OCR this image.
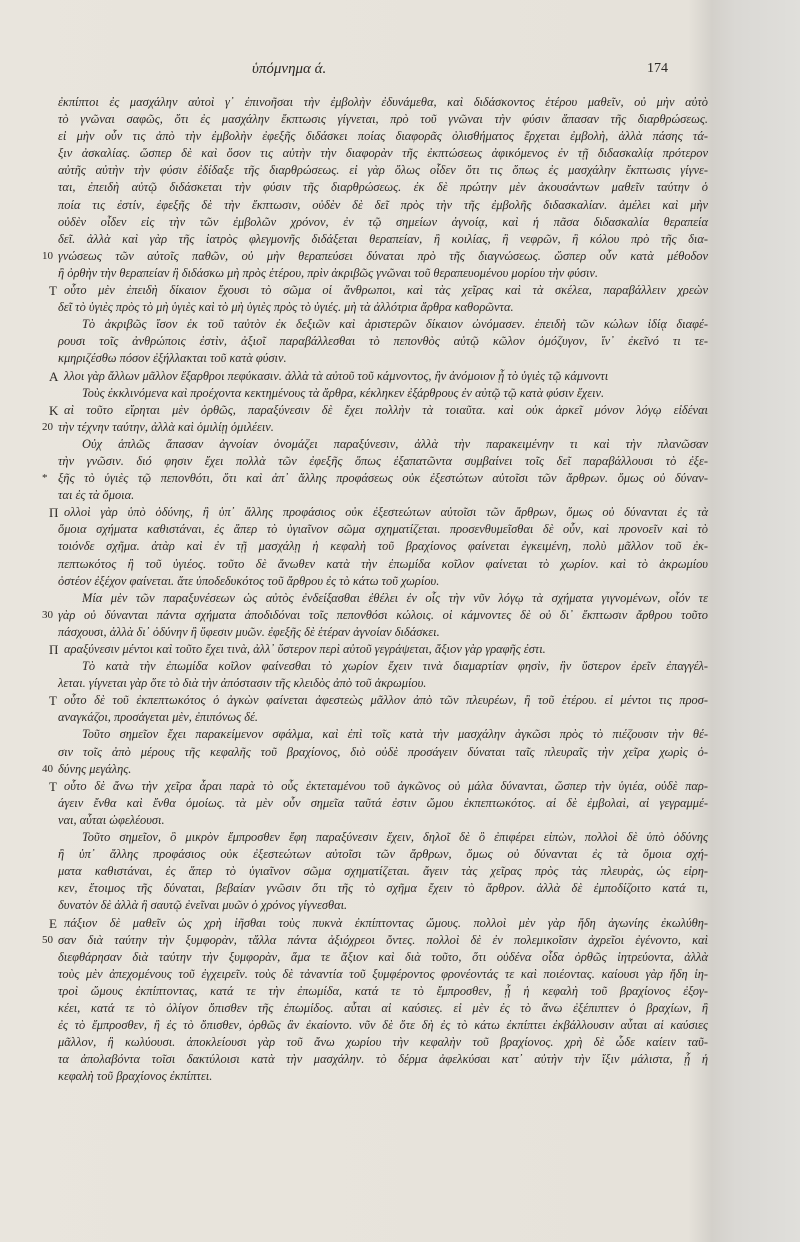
ὑπόμνημα ά.	174
ἐκπίπτοι ἐς μασχάλην αὐτοὶ γ᾿ ἐπινοῆσαι τὴν ἐμβολὴν ἐδυνάμεθα, καὶ διδάσκοντος ἑτέρου μαθεῖν, οὐ μὴν αὐτὸ
τὸ γνῶναι σαφῶς, ὅτι ἐς μασχάλην ἔκπτωσις γίγνεται, πρὸ τοῦ γνῶναι τὴν φύσιν ἅπασαν τῆς διαρθρώσεως.
εἰ μὴν οὖν τις ἀπὸ τὴν ἐμβολὴν ἐφεξῆς διδάσκει ποίας διαφορᾶς ὀλισθήματος ἔρχεται ἐμβολὴ, ἀλλὰ πάσης τά-
ξιν ἀσκαλίας. ὥσπερ δὲ καὶ ὅσον τις αὐτὴν τὴν διαφορὰν τῆς ἐκπτώσεως ἀφικόμενος ἐν τῇ διδασκαλίᾳ πρότερον
αὐτῆς αὐτὴν τὴν φύσιν ἐδίδαξε τῆς διαρθρώσεως. εἰ γὰρ ὅλως οἶδεν ὅτι τις ὅπως ἐς μασχάλην ἔκπτωσις γίγνε-
ται, ἐπειδὴ αὐτῷ διδάσκεται τὴν φύσιν τῆς διαρθρώσεως. ἐκ δὲ πρώτην μὲν ἀκουσάντων μαθεῖν ταύτην ὁ
ποία τις ἐστίν, ἐφεξῆς δὲ τὴν ἔκπτωσιν, οὐδὲν δὲ δεῖ πρὸς τὴν τῆς ἐμβολῆς διδασκαλίαν. ἀμέλει καὶ μὴν
οὐδὲν οἶδεν εἰς τὴν τῶν ἐμβολῶν χρόνον, ἐν τῷ σημείων ἀγνοίᾳ, καὶ ἡ πᾶσα διδασκαλία θεραπεία
δεῖ. ἀλλὰ καὶ γὰρ τῆς ἰατρὸς φλεγμονῆς διδάξεται θεραπείαν, ἢ κοιλίας, ἢ νεφρῶν, ἢ κόλου πρὸ τῆς δια-
10 γνώσεως τῶν αὐτοῖς παθῶν, οὐ μὴν θεραπεύσει δύναται πρὸ τῆς διαγνώσεως. ὥσπερ οὖν κατὰ μέθοδον
ἢ ὀρθὴν τὴν θεραπείαν ἢ διδάσκω μὴ πρὸς ἑτέρου, πρὶν ἀκριβῶς γνῶναι τοῦ θεραπευομένου μορίου τὴν φύσιν.
Τ οὗτο μὲν ἐπειδὴ δίκαιον ἔχουσι τὸ σῶμα οἱ ἄνθρωποι, καὶ τὰς χεῖρας καὶ τὰ σκέλεα, παραβάλλειν χρεὼν
δεῖ τὸ ὑγιὲς πρὸς τὸ μὴ ὑγιὲς καὶ τὸ μὴ ὑγιὲς πρὸς τὸ ὑγιές. μὴ τὰ ἀλλότρια ἄρθρα καθορῶντα.
Τὸ ἀκριβῶς ἴσον ἐκ τοῦ ταὐτὸν ἐκ δεξιῶν καὶ ἀριστερῶν δίκαιον ὠνόμασεν. ἐπειδὴ τῶν κώλων ἰδίᾳ διαφέ-
ρουσι τοῖς ἀνθρώποις ἐστὶν, ἀξιοῖ παραβάλλεσθαι τὸ πεπονθὸς αὐτῷ κῶλον ὁμόζυγον, ἵν᾿ ἐκεῖνό τι τε-
κμηριζέσθω πόσον ἐξήλλακται τοῦ κατὰ φύσιν.
Α λλοι γὰρ ἄλλων μᾶλλον ἔξαρθροι πεφύκασιν. ἀλλὰ τὰ αὐτοῦ τοῦ κάμνοντος, ἢν ἀνόμοιον ᾖ τὸ ὑγιὲς τῷ κάμνοντι
Τοὺς ἐκκλινόμενα καὶ προέχοντα κεκτημένους τὰ ἄρθρα, κέκληκεν ἐξάρθρους ἐν αὐτῷ τῷ κατὰ φύσιν ἔχειν.
Κ αὶ τοῦτο εἴρηται μὲν ὀρθῶς, παραξύνεσιν δὲ ἔχει πολλὴν τὰ τοιαῦτα. καὶ οὐκ ἀρκεῖ μόνον λόγῳ εἰδέναι
20 τὴν τέχνην ταύτην, ἀλλὰ καὶ ὁμιλίῃ ὁμιλέειν.
Οὐχ ἁπλῶς ἅπασαν ἀγνοίαν ὀνομάζει παραξύνεσιν, ἀλλὰ τὴν παρακειμένην τι καὶ τὴν πλανῶσαν
τὴν γνῶσιν. διό φησιν ἔχει πολλὰ τῶν ἐφεξῆς ὅπως ἐξαπατῶντα συμβαίνει τοῖς δεῖ παραβάλλουσι τὸ ἐξε-
* ξῆς τὸ ὑγιὲς τῷ πεπονθότι, ὅτι καὶ ἀπ᾿ ἄλλης προφάσεως οὐκ ἐξεστώτων αὐτοῖσι τῶν ἄρθρων. ὅμως οὐ δύναν-
ται ἐς τὰ ὅμοια.
Π ολλοὶ γὰρ ὑπὸ ὀδύνης, ἢ ὑπ᾿ ἄλλης προφάσιος οὐκ ἐξεστεώτων αὐτοῖσι τῶν ἄρθρων, ὅμως οὐ δύνανται ἐς τὰ
ὅμοια σχήματα καθιστάναι, ἐς ἅπερ τὸ ὑγιαῖνον σῶμα σχηματίζεται. προσενθυμεῖσθαι δὲ οὖν, καὶ προνοεῖν καὶ τὸ
τοιόνδε σχῆμα. ἀτὰρ καὶ ἐν τῇ μασχάλῃ ἡ κεφαλὴ τοῦ βραχίονος φαίνεται ἐγκειμένη, πολὺ μᾶλλον τοῦ ἐκ-
πεπτωκότος ἢ τοῦ ὑγιέος. τοῦτο δὲ ἄνωθεν κατὰ τὴν ἐπωμίδα κοῖλον φαίνεται τὸ χωρίον. καὶ τὸ ἀκρωμίου
ὀστέον ἐξέχον φαίνεται. ἅτε ὑποδεδυκότος τοῦ ἄρθρου ἐς τὸ κάτω τοῦ χωρίου.
Μία μὲν τῶν παραξυνέσεων ὡς αὐτὸς ἐνδείξασθαι ἐθέλει ἐν οἷς τὴν νῦν λόγῳ τὰ σχήματα γιγνομένων, οἷόν τε
30 γὰρ οὐ δύνανται πάντα σχήματα ἀποδιδόναι τοῖς πεπονθόσι κώλοις. οἱ κάμνοντες δὲ οὐ δι᾿ ἔκπτωσιν ἄρθρου τοῦτο
πάσχουσι, ἀλλὰ δι᾿ ὀδύνην ἢ ὕφεσιν μυῶν. ἐφεξῆς δὲ ἑτέραν ἀγνοίαν διδάσκει.
Π αραξύνεσιν μέντοι καὶ τοῦτο ἔχει τινὰ, ἀλλ᾿ ὕστερον περὶ αὐτοῦ γεγράψεται, ἄξιον γὰρ γραφῆς ἐστι.
Τὸ κατὰ τὴν ἐπωμίδα κοῖλον φαίνεσθαι τὸ χωρίον ἔχειν τινὰ διαμαρτίαν φησὶν, ἣν ὕστερον ἐρεῖν ἐπαγγέλ-
λεται. γίγνεται γὰρ ὅτε τὸ διὰ τὴν ἀπόστασιν τῆς κλειδὸς ἀπὸ τοῦ ἀκρωμίου.
Τ οὗτο δὲ τοῦ ἐκπεπτωκότος ὁ ἀγκὼν φαίνεται ἀφεστεὼς μᾶλλον ἀπὸ τῶν πλευρέων, ἢ τοῦ ἑτέρου. εἰ μέντοι τις προσ-
αναγκάζοι, προσάγεται μὲν, ἐπιπόνως δέ.
Τοῦτο σημεῖον ἔχει παρακείμενον σφάλμα, καὶ ἐπὶ τοῖς κατὰ τὴν μασχάλην ἀγκῶσι πρὸς τὸ πιέζουσιν τὴν θέ-
σιν τοῖς ἀπὸ μέρους τῆς κεφαλῆς τοῦ βραχίονος, διὸ οὐδὲ προσάγειν δύναται ταῖς πλευραῖς τὴν χεῖρα χωρὶς ὀ-
40 δύνης μεγάλης.
Τ οὗτο δὲ ἄνω τὴν χεῖρα ἆραι παρὰ τὸ οὖς ἐκτεταμένου τοῦ ἀγκῶνος οὐ μάλα δύνανται, ὥσπερ τὴν ὑγιέα, οὐδὲ παρ-
άγειν ἔνθα καὶ ἔνθα ὁμοίως. τὰ μὲν οὖν σημεῖα ταῦτά ἐστιν ὤμου ἐκπεπτωκότος. αἱ δὲ ἐμβολαὶ, αἱ γεγραμμέ-
ναι, αὗται ὠφελέουσι.
Τοῦτο σημεῖον, ὃ μικρὸν ἔμπροσθεν ἔφη παραξύνεσιν ἔχειν, δηλοῖ δὲ ὃ ἐπιφέρει εἰπὼν, πολλοὶ δὲ ὑπὸ ὀδύνης
ἢ ὑπ᾿ ἄλλης προφάσιος οὐκ ἐξεστεώτων αὐτοῖσι τῶν ἄρθρων, ὅμως οὐ δύνανται ἐς τὰ ὅμοια σχή-
ματα καθιστάναι, ἐς ἅπερ τὸ ὑγιαῖνον σῶμα σχηματίζεται. ἄγειν τὰς χεῖρας πρὸς τὰς πλευρὰς, ὡς εἰρη-
κεν, ἕτοιμος τῆς δύναται, βεβαίαν γνῶσιν ὅτι τῆς τὸ σχῆμα ἔχειν τὸ ἄρθρον. ἀλλὰ δὲ ἐμποδίζοιτο κατά τι,
δυνατὸν δὲ ἀλλὰ ἢ σαυτῷ ἐνεῖναι μυῶν ὁ χρόνος γίγνεσθαι.
Ε πάξιον δὲ μαθεῖν ὡς χρὴ ἰῆσθαι τοὺς πυκνὰ ἐκπίπτοντας ὤμους. πολλοὶ μὲν γὰρ ἤδη ἀγωνίης ἐκωλύθη-
50 σαν διὰ ταύτην τὴν ξυμφορὰν, τἄλλα πάντα ἀξιόχρεοι ὄντες. πολλοὶ δὲ ἐν πολεμικοῖσιν ἀχρεῖοι ἐγένοντο, καὶ
διεφθάρησαν διὰ ταύτην τὴν ξυμφορὰν, ἅμα τε ἄξιον καὶ διὰ τοῦτο, ὅτι οὐδένα οἶδα ὀρθῶς ἰητρεύοντα, ἀλλὰ
τοὺς μὲν ἀπεχομένους τοῦ ἐγχειρεῖν. τοὺς δὲ τἀναντία τοῦ ξυμφέροντος φρονέοντάς τε καὶ ποιέοντας. καίουσι γὰρ ἤδη ἰη-
τροὶ ὤμους ἐκπίπτοντας, κατά τε τὴν ἐπωμίδα, κατά τε τὸ ἔμπροσθεν, ᾗ ἡ κεφαλὴ τοῦ βραχίονος ἐξογ-
κέει, κατά τε τὸ ὀλίγον ὄπισθεν τῆς ἐπωμίδος. αὗται αἱ καύσιες. εἰ μὲν ἐς τὸ ἄνω ἐξέπιπτεν ὁ βραχίων, ἢ
ἐς τὸ ἔμπροσθεν, ἢ ἐς τὸ ὄπισθεν, ὀρθῶς ἂν ἐκαίοντο. νῦν δὲ ὅτε δὴ ἐς τὸ κάτω ἐκπίπτει ἐκβάλλουσιν αὗται αἱ καύσιες
μᾶλλον, ἢ κωλύουσι. ἀποκλείουσι γὰρ τοῦ ἄνω χωρίου τὴν κεφαλὴν τοῦ βραχίονος. χρὴ δὲ ὧδε καίειν ταῦ-
τα ἀπολαβόντα τοῖσι δακτύλοισι κατὰ τὴν μασχάλην. τὸ δέρμα ἀφελκύσαι κατ᾿ αὐτὴν τὴν ἴξιν μάλιστα, ᾗ ἡ
κεφαλὴ τοῦ βραχίονος ἐκπίπτει.
